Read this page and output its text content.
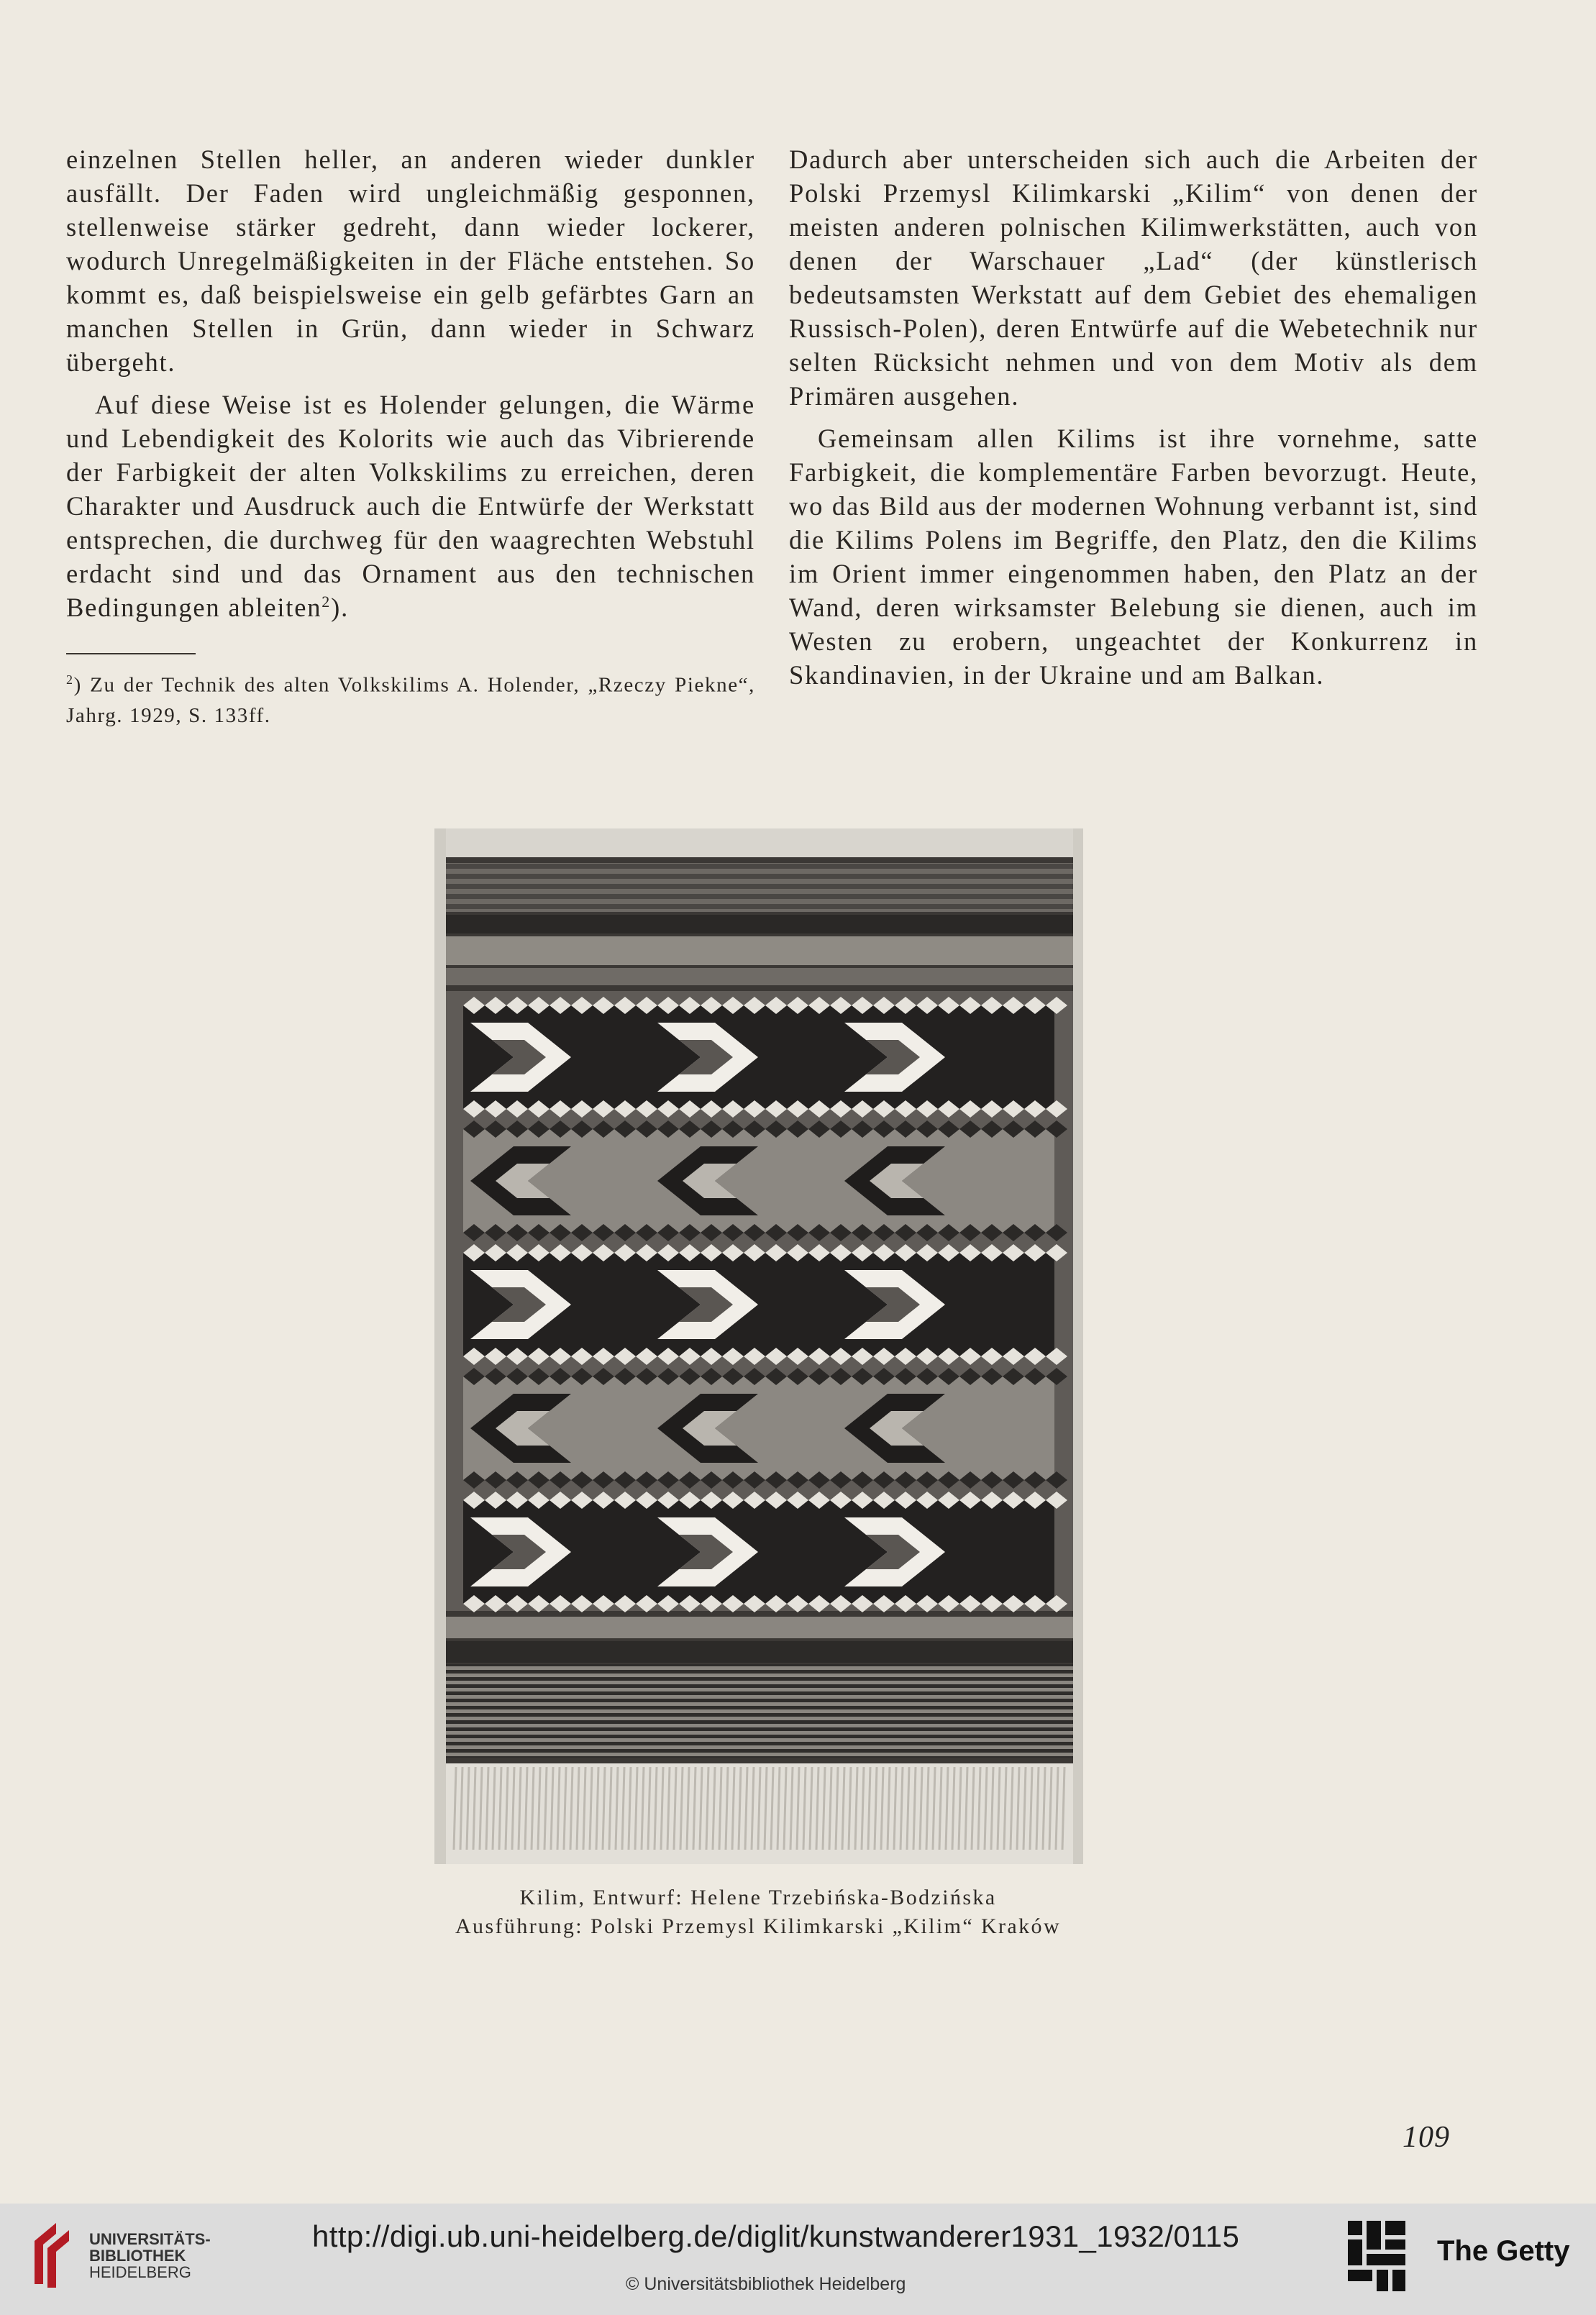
einzelnen Stellen heller, an anderen wieder dunkler ausfällt. Der Faden wird ungleichmäßig gesponnen, stellenweise stärker gedreht, dann wieder lockerer, wodurch Unregelmäßigkeiten in der Fläche entstehen. So kommt es, daß beispielsweise ein gelb gefärbtes Garn an manchen Stellen in Grün, dann wieder in Schwarz übergeht.

Auf diese Weise ist es Holender gelungen, die Wärme und Lebendigkeit des Kolorits wie auch das Vibrierende der Farbigkeit der alten Volkskilims zu erreichen, deren Charakter und Ausdruck auch die Entwürfe der Werkstatt entsprechen, die durchweg für den waagrechten Webstuhl erdacht sind und das Ornament aus den technischen Bedingungen ableiten$^2$).

$^2$) Zu der Technik des alten Volkskilims A. Holender, „Rzeczy Piekne“, Jahrg. 1929, S. 133ff.

Dadurch aber unterscheiden sich auch die Arbeiten der Polski Przemysl Kilimkarski „Kilim“ von denen der meisten anderen polnischen Kilimwerkstätten, auch von denen der Warschauer „Lad“ (der künstlerisch bedeutsamsten Werkstatt auf dem Gebiet des ehemaligen Russisch-Polen), deren Entwürfe auf die Webetechnik nur selten Rücksicht nehmen und von dem Motiv als dem Primären ausgehen.

Gemeinsam allen Kilims ist ihre vornehme, satte Farbigkeit, die komplementäre Farben bevorzugt. Heute, wo das Bild aus der modernen Wohnung verbannt ist, sind die Kilims Polens im Begriffe, den Platz, den die Kilims im Orient immer eingenommen haben, den Platz an der Wand, deren wirksamster Belebung sie dienen, auch im Westen zu erobern, ungeachtet der Konkurrenz in Skandinavien, in der Ukraine und am Balkan.

Kilim, Entwurf: Helene Trzebińska-Bodzińska
Ausführung: Polski Przemysl Kilimkarski „Kilim“ Kraków
109
UNIVERSITÄTS-
BIBLIOTHEK
HEIDELBERG
http://digi.ub.uni-heidelberg.de/diglit/kunstwanderer1931_1932/0115
© Universitätsbibliothek Heidelberg
The Getty
